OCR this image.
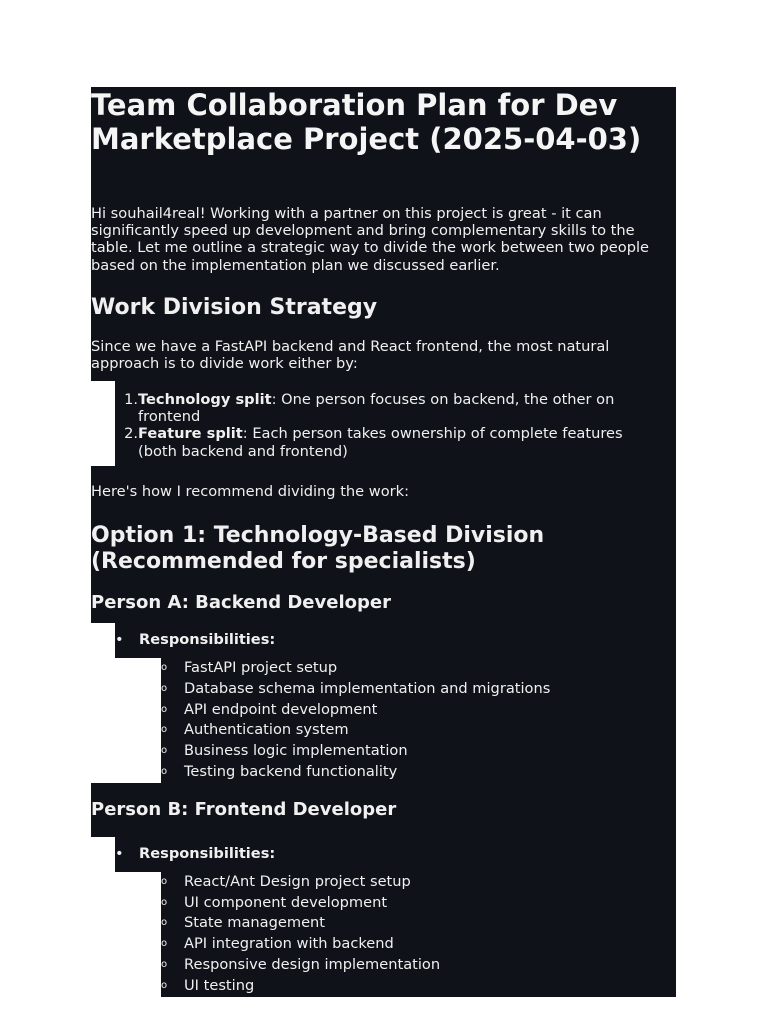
Team Collaboration Plan for Dev Marketplace Project (2025-04-03)

Hi souhail4real! Working with a partner on this project is great - it can significantly speed up development and bring complementary skills to the table. Let me outline a strategic way to divide the work between two people based on the implementation plan we discussed earlier.

Work Division Strategy

Since we have a FastAPI backend and React frontend, the most natural approach is to divide work either by:

1. Technology split: One person focuses on backend, the other on frontend
2. Feature split: Each person takes ownership of complete features (both backend and frontend)

Here's how I recommend dividing the work:

Option 1: Technology-Based Division (Recommended for specialists)
Person A: Backend Developer
• Responsibilities:
o	FastAPI project setup
o	Database schema implementation and migrations
o	API endpoint development
o	Authentication system
o	Business logic implementation
o	Testing backend functionality
Person B: Frontend Developer
• Responsibilities:
o	React/Ant Design project setup
o	UI component development
o	State management
o	API integration with backend
o	Responsive design implementation
o	UI testing
